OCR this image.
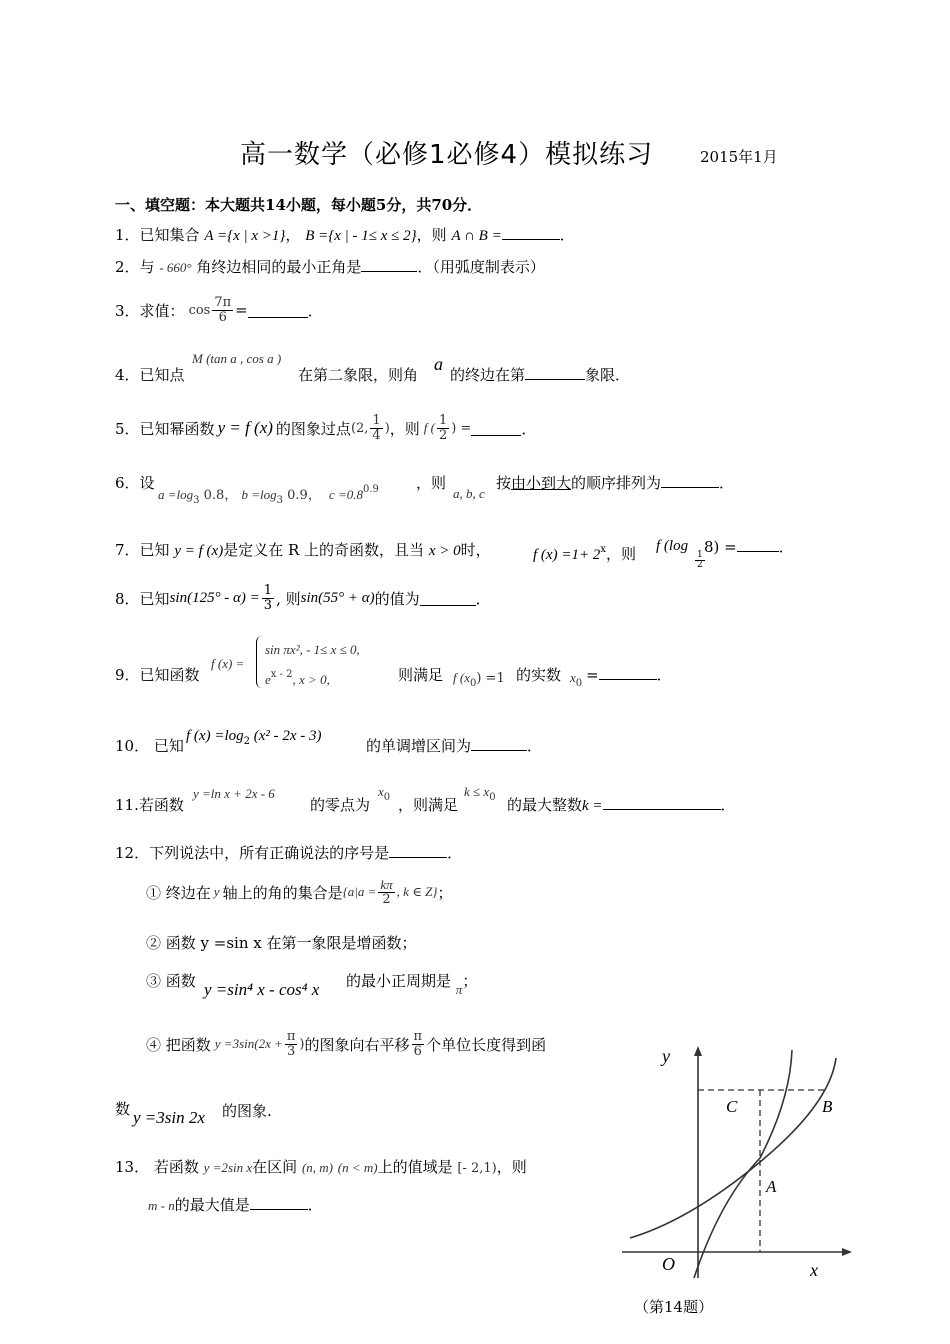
高一数学（必修1必修4）模拟练习	2015年1月
一、填空题：本大题共14小题，每小题5分，共70分．
1．已知集合 A ={x | x >1}， B ={x | - 1≤ x ≤ 2}，则 A ∩ B =	．
2．与 - 660° 角终边相同的最小正角是	．（用弧度制表示）
3． 求值： $\cos \frac{7\pi}{6}$ =	．
4．已知点
M (tan a , cos a )
在第二象限，则角
a
的终边在第	象限．
5． 已知幂函数 y = f (x) 的图象过点 (2, $\frac{1}{4}$ ) ，则 f ( $\frac{1}{2}$ ) =	．
6．设
$a =\log_3$ 0.8， $b =\log_3$ 0.9， $c =0.8^{0.9}$ ，则
a, b, c
按由小到大的顺序排列为	．
7．已知 y = f (x)是定义在 R 上的奇函数，且当 x > 0时，	f $(x) =1+ 2^x$，则 f (log
$\frac{1}{2}$
8) =	．
8． 已知 $\sin(125^\circ - \alpha) = \frac{1}{3}$ , 则 sin(55° + α) 的值为	．
9．已知函数
f (x) =
sin πx², - 1≤ x ≤ 0,
$e^{x - 2}$, x > 0,	则满足 f $(x_0) =1$ 的实数 $x_0$ =	．
10． 已知
f $(x) =\log_2$ (x² - 2x - 3)
的单调增区间为	．
11.若函数
y =ln x + 2x - 6
的零点为
$x_0$ ，则满足
$k \le x_0$ 的最大整数k =	．
12．下列说法中，所有正确说法的序号是	．
① 终边在 y 轴上的角的集合是 {$a|a = \frac{k\pi}{2}$ , k ∈ Z} ；
② 函数 y =sin x 在第一象限是增函数；
③ 函数 y =sin⁴ x - cos⁴ x 的最小正周期是 π；
④ 把函数 $y =3\sin(2x + \frac{\pi}{3}$ ) 的图象向右平移 $\frac{\pi}{6}$ 个单位长度得到函
数 y =3sin 2x 的图象.
13． 若函数 y =2sin x在区间 (n, m) (n < m)上的值域是 [- 2,1)，则
m - n的最大值是	．
y
x
O
A
B
C
（第14题）
